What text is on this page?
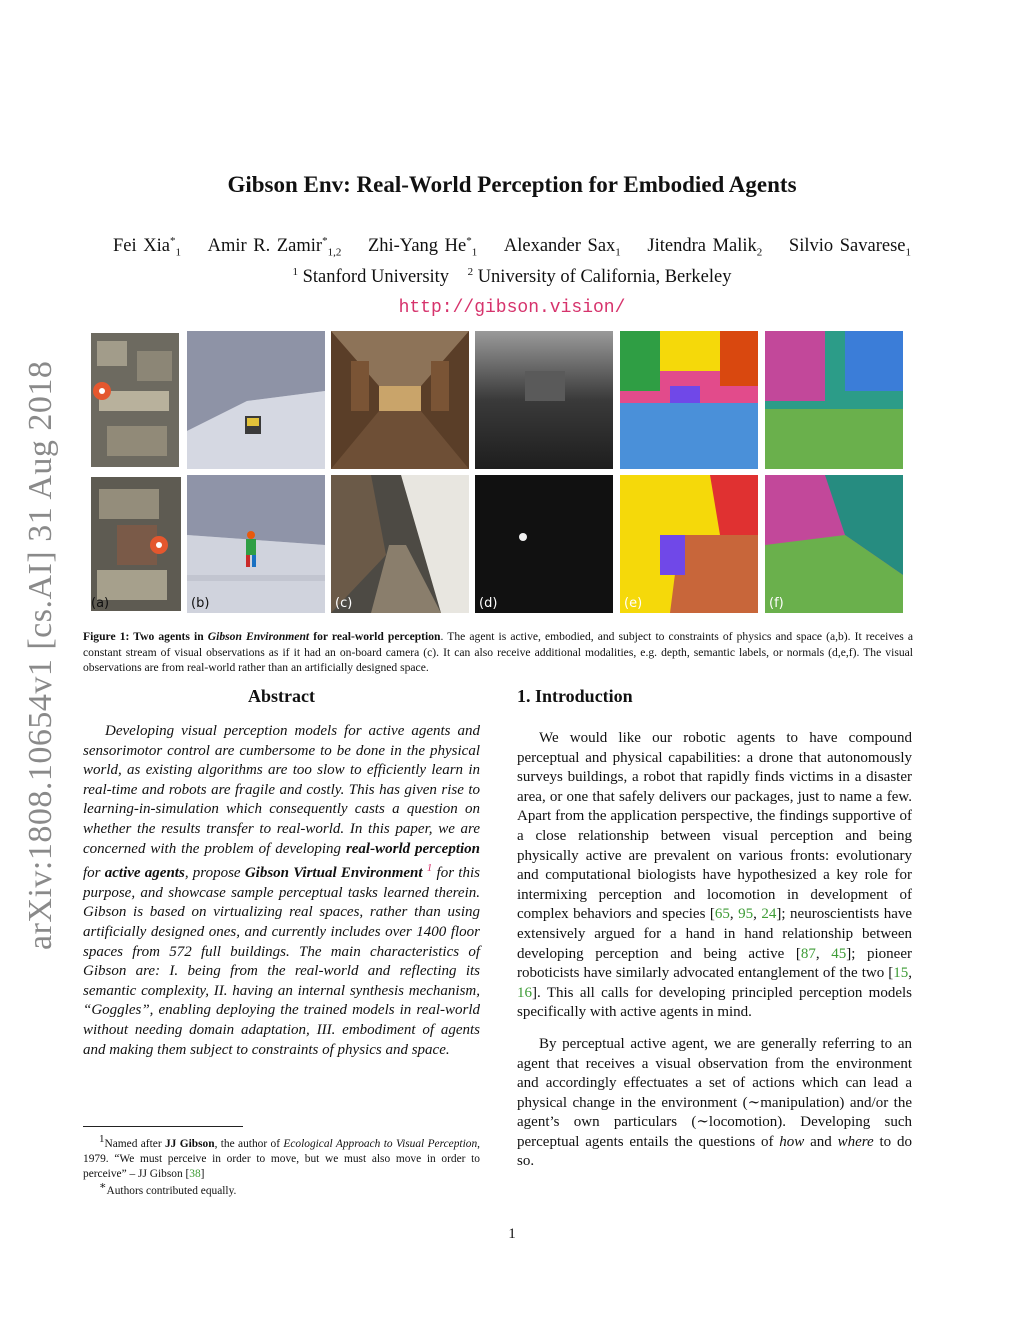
arXiv:1808.10654v1 [cs.AI] 31 Aug 2018
Gibson Env: Real-World Perception for Embodied Agents
Fei Xia*$_1$ Amir R. Zamir*$_{1,2}$ Zhi-Yang $He^*_1$ Alexander Sax$_1$ Jitendra Malik$_2$ Silvio Savarese$_1$
$^1$ Stanford University $^2$ University of California, Berkeley
http://gibson.vision/
(a)	(b)	(c)	(d)	(e)	(f)
Figure 1: Two agents in Gibson Environment for real-world perception. The agent is active, embodied, and subject to constraints of physics and space (a,b). It receives a constant stream of visual observations as if it had an on-board camera (c). It can also receive additional modalities, e.g. depth, semantic labels, or normals (d,e,f). The visual observations are from real-world rather than an artificially designed space.
Abstract
Developing visual perception models for active agents and sensorimotor control are cumbersome to be done in the physical world, as existing algorithms are too slow to efficiently learn in real-time and robots are fragile and costly. This has given rise to learning-in-simulation which consequently casts a question on whether the results transfer to real-world. In this paper, we are concerned with the problem of developing real-world perception for active agents, propose Gibson Virtual Environment $^1$ for this purpose, and showcase sample perceptual tasks learned therein. Gibson is based on virtualizing real spaces, rather than using artificially designed ones, and currently includes over 1400 floor spaces from 572 full buildings. The main characteristics of Gibson are: I. being from the real-world and reflecting its semantic complexity, II. having an internal synthesis mechanism, “Goggles”, enabling deploying the trained models in real-world without needing domain adaptation, III. embodiment of agents and making them subject to constraints of physics and space.
$^1$Named after JJ Gibson, the author of Ecological Approach to Visual Perception, 1979. “We must perceive in order to move, but we must also move in order to perceive” – JJ Gibson [38]
∗Authors contributed equally.
1. Introduction

We would like our robotic agents to have compound perceptual and physical capabilities: a drone that autonomously surveys buildings, a robot that rapidly finds victims in a disaster area, or one that safely delivers our packages, just to name a few. Apart from the application perspective, the findings supportive of a close relationship between visual perception and being physically active are prevalent on various fronts: evolutionary and computational biologists have hypothesized a key role for intermixing perception and locomotion in development of complex behaviors and species [65, 95, 24]; neuroscientists have extensively argued for a hand in hand relationship between developing perception and being active [87, 45]; pioneer roboticists have similarly advocated entanglement of the two [15, 16]. This all calls for developing principled perception models specifically with active agents in mind.

By perceptual active agent, we are generally referring to an agent that receives a visual observation from the environment and accordingly effectuates a set of actions which can lead a physical change in the environment (∼manipulation) and/or the agent’s own particulars (∼locomotion). Developing such perceptual agents entails the questions of how and where to do so.

1
